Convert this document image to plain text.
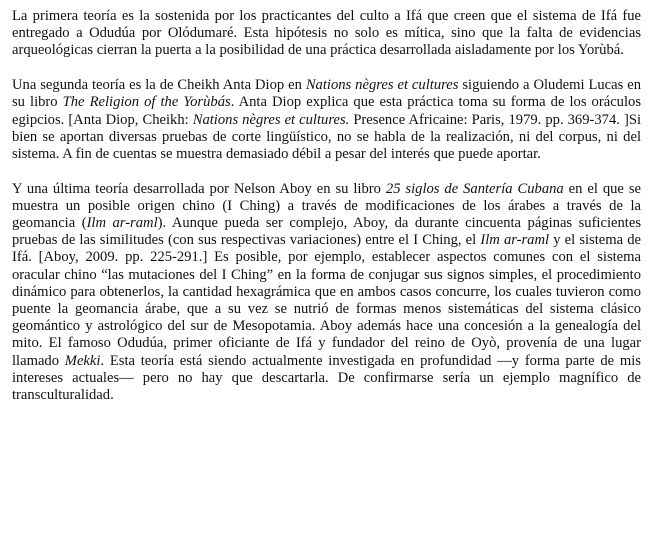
La primera teoría es la sostenida por los practicantes del culto a Ifá que creen que el sistema de Ifá fue entregado a Odudúa por Olódumaré. Esta hipótesis no solo es mítica, sino que la falta de evidencias arqueológicas cierran la puerta a la posibilidad de una práctica desarrollada aisladamente por los Yorùbá.

Una segunda teoría es la de Cheikh Anta Diop en Nations nègres et cultures siguiendo a Oludemi Lucas en su libro The Religion of the Yorùbás. Anta Diop explica que esta práctica toma su forma de los oráculos egipcios. [Anta Diop, Cheikh: Nations nègres et cultures. Presence Africaine: Paris, 1979. pp. 369-374. ]Si bien se aportan diversas pruebas de corte lingüístico, no se habla de la realización, ni del corpus, ni del sistema. A fin de cuentas se muestra demasiado débil a pesar del interés que puede aportar.

Y una última teoría desarrollada por Nelson Aboy en su libro 25 siglos de Santería Cubana en el que se muestra un posible origen chino (I Ching) a través de modificaciones de los árabes a través de la geomancia (Ilm ar-raml). Aunque pueda ser complejo, Aboy, da durante cincuenta páginas suficientes pruebas de las similitudes (con sus respectivas variaciones) entre el I Ching, el Ilm ar-raml y el sistema de Ifá. [Aboy, 2009. pp. 225-291.] Es posible, por ejemplo, establecer aspectos comunes con el sistema oracular chino “las mutaciones del I Ching” en la forma de conjugar sus signos simples, el procedimiento dinámico para obtenerlos, la cantidad hexagrámica que en ambos casos concurre, los cuales tuvieron como puente la geomancia árabe, que a su vez se nutrió de formas menos sistemáticas del sistema clásico geomántico y astrológico del sur de Mesopotamia. Aboy además hace una concesión a la genealogía del mito. El famoso Odudúa, primer oficiante de Ifá y fundador del reino de Oyò, provenía de una lugar llamado Mekki. Esta teoría está siendo actualmente investigada en profundidad —y forma parte de mis intereses actuales— pero no hay que descartarla. De confirmarse sería un ejemplo magnífico de transculturalidad.
